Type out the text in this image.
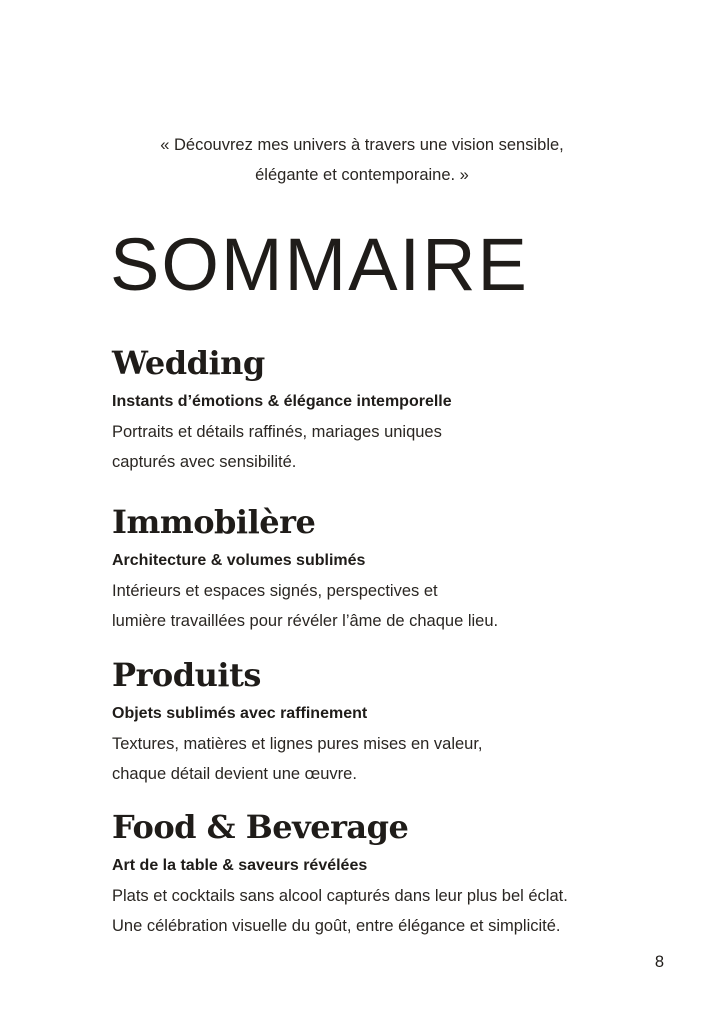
« Découvrez mes univers à travers une vision sensible,
élégante et contemporaine. »
SOMMAIRE
Wedding
Instants d’émotions & élégance intemporelle
Portraits et détails raffinés, mariages uniques
capturés avec sensibilité.
Immobilère
Architecture & volumes sublimés
Intérieurs et espaces signés, perspectives et
lumière travaillées pour révéler l’âme de chaque lieu.
Produits
Objets sublimés avec raffinement
Textures, matières et lignes pures mises en valeur,
chaque détail devient une œuvre.
Food & Beverage
Art de la table & saveurs révélées
Plats et cocktails sans alcool capturés dans leur plus bel éclat.
Une célébration visuelle du goût, entre élégance et simplicité.
8
